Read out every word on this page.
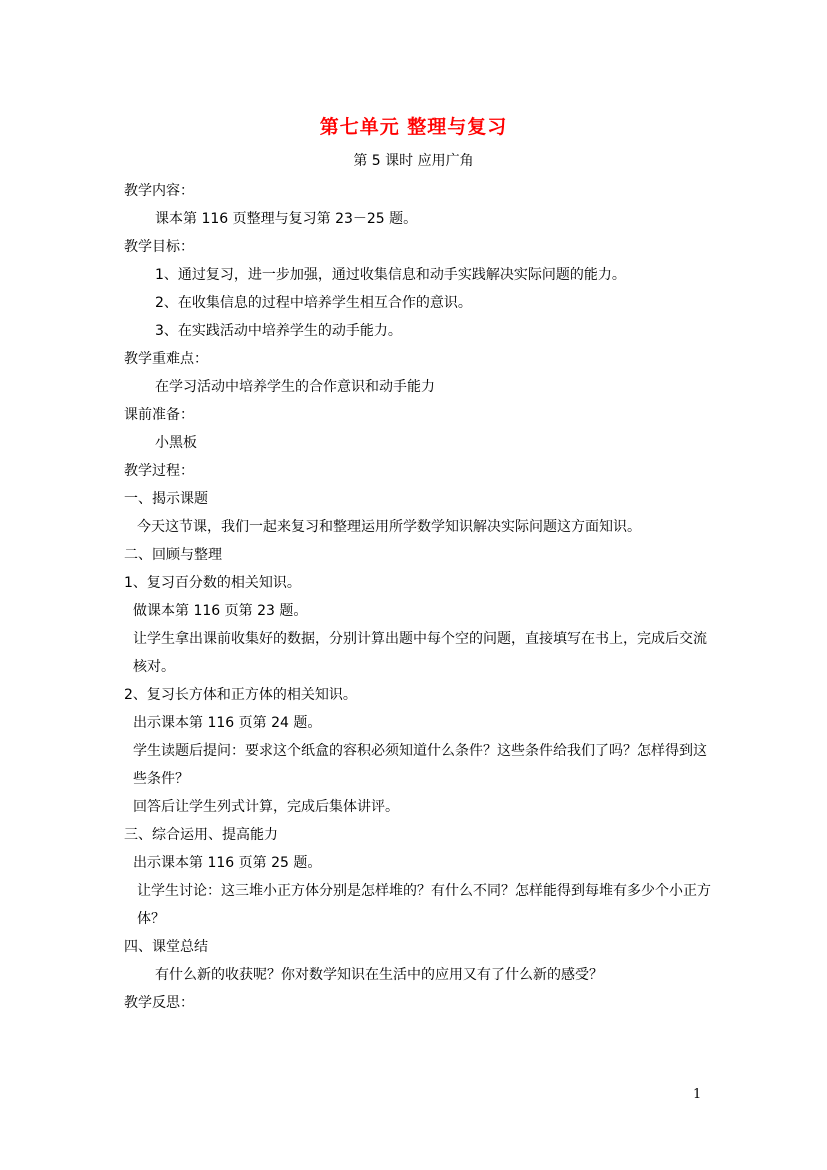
第七单元 整理与复习
第 5 课时 应用广角

教学内容：

课本第 116 页整理与复习第 23－25 题。

教学目标：

1、通过复习，进一步加强，通过收集信息和动手实践解决实际问题的能力。

2、在收集信息的过程中培养学生相互合作的意识。

3、在实践活动中培养学生的动手能力。

教学重难点：

在学习活动中培养学生的合作意识和动手能力

课前准备：

小黑板

教学过程：

一、揭示课题

今天这节课，我们一起来复习和整理运用所学数学知识解决实际问题这方面知识。

二、回顾与整理

1、复习百分数的相关知识。

做课本第 116 页第 23 题。

让学生拿出课前收集好的数据，分别计算出题中每个空的问题，直接填写在书上，完成后交流核对。

2、复习长方体和正方体的相关知识。

出示课本第 116 页第 24 题。

学生读题后提问：要求这个纸盒的容积必须知道什么条件？这些条件给我们了吗？怎样得到这些条件？

回答后让学生列式计算，完成后集体讲评。

三、综合运用、提高能力

出示课本第 116 页第 25 题。

让学生讨论：这三堆小正方体分别是怎样堆的？有什么不同？怎样能得到每堆有多少个小正方体？

四、课堂总结

有什么新的收获呢？你对数学知识在生活中的应用又有了什么新的感受？

教学反思：

1
